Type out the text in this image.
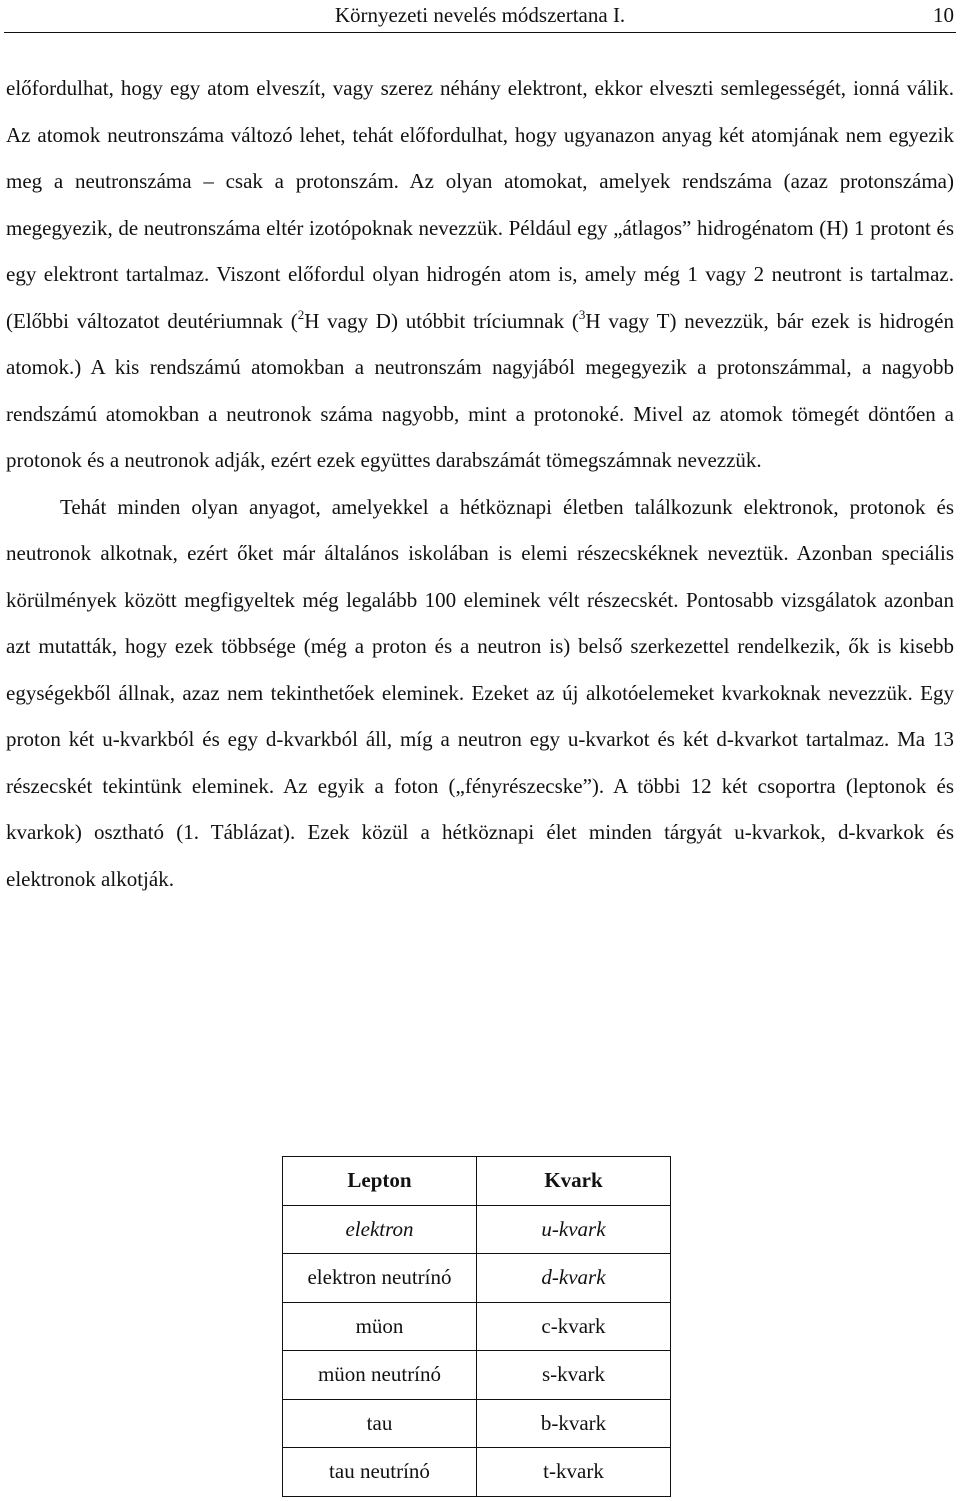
Környezeti nevelés módszertana I.	10

előfordulhat, hogy egy atom elveszít, vagy szerez néhány elektront, ekkor elveszti semlegességét, ionná válik. Az atomok neutronszáma változó lehet, tehát előfordulhat, hogy ugyanazon anyag két atomjának nem egyezik meg a neutronszáma – csak a protonszám. Az olyan atomokat, amelyek rendszáma (azaz protonszáma) megegyezik, de neutronszáma eltér izotópoknak nevezzük. Például egy „átlagos” hidrogénatom (H) 1 protont és egy elektront tartalmaz. Viszont előfordul olyan hidrogén atom is, amely még 1 vagy 2 neutront is tartalmaz. (Előbbi változatot deutériumnak ($^2$H vagy D) utóbbit tríciumnak ($^3$H vagy T) nevezzük, bár ezek is hidrogén atomok.) A kis rendszámú atomokban a neutronszám nagyjából megegyezik a protonszámmal, a nagyobb rendszámú atomokban a neutronok száma nagyobb, mint a protonoké. Mivel az atomok tömegét döntően a protonok és a neutronok adják, ezért ezek együttes darabszámát tömegszámnak nevezzük.

Tehát minden olyan anyagot, amelyekkel a hétköznapi életben találkozunk elektronok, protonok és neutronok alkotnak, ezért őket már általános iskolában is elemi részecskéknek neveztük. Azonban speciális körülmények között megfigyeltek még legalább 100 eleminek vélt részecskét. Pontosabb vizsgálatok azonban azt mutatták, hogy ezek többsége (még a proton és a neutron is) belső szerkezettel rendelkezik, ők is kisebb egységekből állnak, azaz nem tekinthetőek eleminek. Ezeket az új alkotóelemeket kvarkoknak nevezzük. Egy proton két u-kvarkból és egy d-kvarkból áll, míg a neutron egy u-kvarkot és két d-kvarkot tartalmaz. Ma 13 részecskét tekintünk eleminek. Az egyik a foton („fényrészecske”). A többi 12 két csoportra (leptonok és kvarkok) osztható (1. Táblázat). Ezek közül a hétköznapi élet minden tárgyát u-kvarkok, d-kvarkok és elektronok alkotják.

Lepton	Kvark
elektron	u-kvark
elektron neutrínó	d-kvark
müon	c-kvark
müon neutrínó	s-kvark
tau	b-kvark
tau neutrínó	t-kvark
